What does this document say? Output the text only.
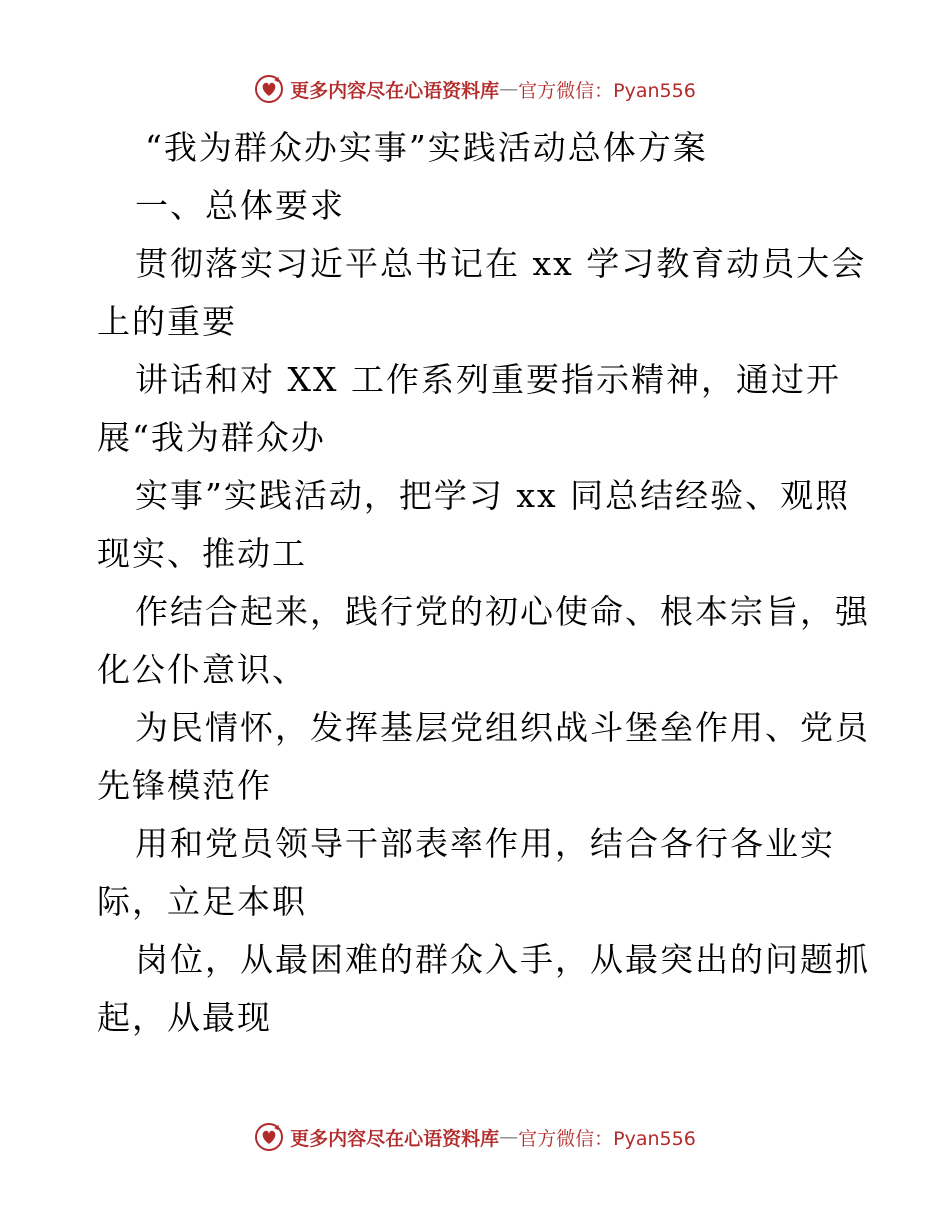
更多内容尽在心语资料库 — 官方微信：Pyan556
“我为群众办实事”实践活动总体方案
一、总体要求
贯彻落实习近平总书记在 xx 学习教育动员大会
上的重要
讲话和对 XX 工作系列重要指示精神，通过开
展“我为群众办
实事”实践活动，把学习 xx 同总结经验、观照
现实、推动工
作结合起来，践行党的初心使命、根本宗旨，强
化公仆意识、
为民情怀，发挥基层党组织战斗堡垒作用、党员
先锋模范作
用和党员领导干部表率作用，结合各行各业实
际，立足本职
岗位，从最困难的群众入手，从最突出的问题抓
起，从最现
更多内容尽在心语资料库 — 官方微信：Pyan556
